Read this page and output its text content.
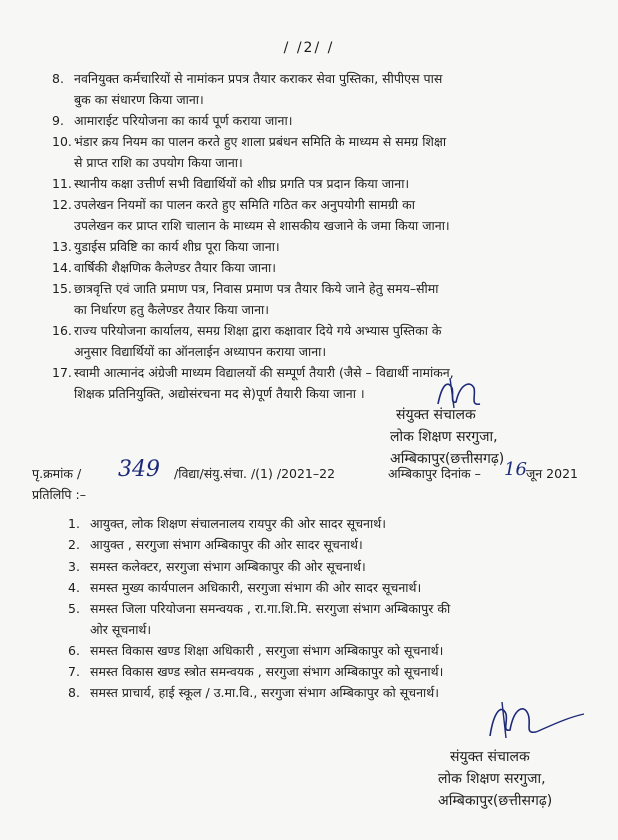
/ /2/ /
8. नवनियुक्त कर्मचारियों से नामांकन प्रपत्र तैयार कराकर सेवा पुस्तिका, सीपीएस पास
बुक का संधारण किया जाना।
9. आमाराईट परियोजना का कार्य पूर्ण कराया जाना।
10. भंडार क्रय नियम का पालन करते हुए शाला प्रबंधन समिति के माध्यम से समग्र शिक्षा
से प्राप्त राशि का उपयोग किया जाना।
11. स्थानीय कक्षा उत्तीर्ण सभी विद्यार्थियों को शीघ्र प्रगति पत्र प्रदान किया जाना।
12. उपलेखन नियमों का पालन करते हुए समिति गठित कर अनुपयोगी सामग्री का
उपलेखन कर प्राप्त राशि चालान के माध्यम से शासकीय खजाने के जमा किया जाना।
13. युडाईस प्रविष्टि का कार्य शीघ्र पूरा किया जाना।
14. वार्षिकी शैक्षणिक कैलेण्डर तैयार किया जाना।
15. छात्रवृत्ति एवं जाति प्रमाण पत्र, निवास प्रमाण पत्र तैयार किये जाने हेतु समय–सीमा
का निर्धारण हतु कैलेण्डर तैयार किया जाना।
16. राज्य परियोजना कार्यालय, समग्र शिक्षा द्वारा कक्षावार दिये गये अभ्यास पुस्तिका के
अनुसार विद्यार्थियों का ऑनलाईन अध्यापन कराया जाना।
17. स्वामी आत्मानंद अंग्रेजी माध्यम विद्यालयों की सम्पूर्ण तैयारी (जैसे – विद्यार्थी नामांकन,
शिक्षक प्रतिनियुक्ति, अद्योसंरचना मद से)पूर्ण तैयारी किया जाना ।
संयुक्त संचालक
लोक शिक्षण सरगुजा,
अम्बिकापुर(छत्तीसगढ़)
पृ.क्रमांक / 349 /विद्या/संयु.संचा. /(1) /2021–22	अम्बिकापुर दिनांक – 16 जून 2021
प्रतिलिपि :–
1. आयुक्त, लोक शिक्षण संचालनालय रायपुर की ओर सादर सूचनार्थ।
2. आयुक्त , सरगुजा संभाग अम्बिकापुर की ओर सादर सूचनार्थ।
3. समस्त कलेक्टर, सरगुजा संभाग अम्बिकापुर की ओर सूचनार्थ।
4. समस्त मुख्य कार्यपालन अधिकारी, सरगुजा संभाग की ओर सादर सूचनार्थ।
5. समस्त जिला परियोजना समन्वयक , रा.गा.शि.मि. सरगुजा संभाग अम्बिकापुर की
ओर सूचनार्थ।
6. समस्त विकास खण्ड शिक्षा अधिकारी , सरगुजा संभाग अम्बिकापुर को सूचनार्थ।
7. समस्त विकास खण्ड स्त्रोत समन्वयक , सरगुजा संभाग अम्बिकापुर को सूचनार्थ।
8. समस्त प्राचार्य, हाई स्कूल / उ.मा.वि., सरगुजा संभाग अम्बिकापुर को सूचनार्थ।
संयुक्त संचालक
लोक शिक्षण सरगुजा,
अम्बिकापुर(छत्तीसगढ़)
